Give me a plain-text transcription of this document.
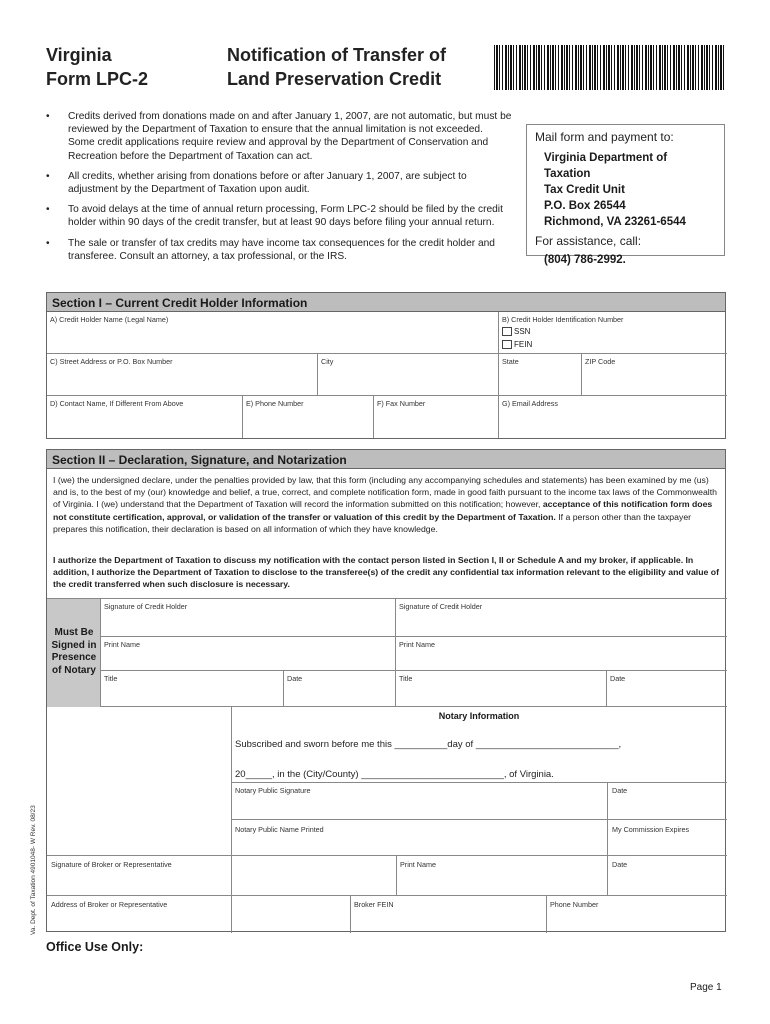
Virginia
Form LPC-2
Notification of Transfer of
Land Preservation Credit
• Credits derived from donations made on and after January 1, 2007, are not automatic, but must be reviewed by the Department of Taxation to ensure that the annual limitation is not exceeded. Some credit applications require review and approval by the Department of Conservation and Recreation before the Department of Taxation can act.
• All credits, whether arising from donations before or after January 1, 2007, are subject to adjustment by the Department of Taxation upon audit.
• To avoid delays at the time of annual return processing, Form LPC-2 should be filed by the credit holder within 90 days of the credit transfer, but at least 90 days before filing your annual return.
• The sale or transfer of tax credits may have income tax consequences for the credit holder and transferee. Consult an attorney, a tax professional, or the IRS.
Mail form and payment to:
Virginia Department of Taxation
Tax Credit Unit
P.O. Box 26544
Richmond, VA 23261-6544
For assistance, call:
(804) 786-2992.
Section I – Current Credit Holder Information
A) Credit Holder Name (Legal Name)	B) Credit Holder Identification Number
SSN
FEIN
C) Street Address or P.O. Box Number	City	State	ZIP Code
D) Contact Name, If Different From Above	E) Phone Number	F) Fax Number	G) Email Address
Section II – Declaration, Signature, and Notarization
I (we) the undersigned declare, under the penalties provided by law, that this form (including any accompanying schedules and statements) has been examined by me (us) and is, to the best of my (our) knowledge and belief, a true, correct, and complete notification form, made in good faith pursuant to the income tax laws of the Commonwealth of Virginia. I (we) understand that the Department of Taxation will record the information submitted on this notification; however, acceptance of this notification form does not constitute certification, approval, or validation of the transfer or valuation of this credit by the Department of Taxation. If a person other than the taxpayer prepares this notification, their declaration is based on all information of which they have knowledge.
I authorize the Department of Taxation to discuss my notification with the contact person listed in Section I, II or Schedule A and my broker, if applicable. In addition, I authorize the Department of Taxation to disclose to the transferee(s) of the credit any confidential tax information relevant to the eligibility and value of the credit transferred when such disclosure is necessary.
Must Be
Signed in
Presence
of Notary
Signature of Credit Holder	Signature of Credit Holder
Print Name	Print Name
Title	Date	Title	Date
Notary Information
Subscribed and sworn before me this __________day of ___________________________,
20_____, in the (City/County) ___________________________, of Virginia.
Notary Public Signature	Date
Notary Public Name Printed	My Commission Expires
Signature of Broker or Representative	Print Name	Date
Address of Broker or Representative	Broker FEIN	Phone Number
Va. Dept. of Taxation 4901048- W Rev. 08/23
Office Use Only:
Page 1
